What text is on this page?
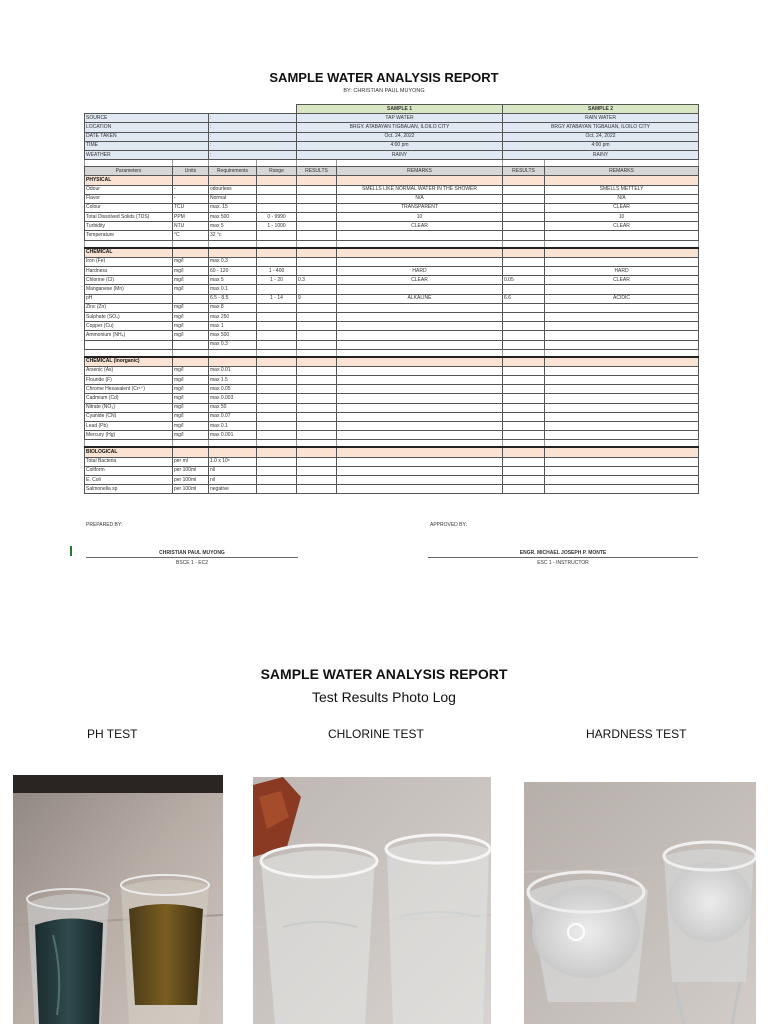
SAMPLE WATER ANALYSIS REPORT
BY: CHRISTIAN PAUL MUYONG
				SAMPLE 1		SAMPLE 2	
SOURCE		:		TAP WATER		RAIN WATER	
LOCATION		:		BRGY. ATABAYAN TIGBAUAN, ILOILO CITY		BRGY ATABAYAN TIGBAUAN, ILOILO CITY	
DATE TAKEN		:		Oct. 24, 2022		Oct. 24, 2022	
TIME		:		4:00 pm		4:00 pm	
WEATHER		:		RAINY		RAINY	

Parameters	Units	Requirements	Range	RESULTS	REMARKS	RESULTS	REMARKS
PHYSICAL							
Odour	-	odourless			SMELLS LIKE NORMAL WATER IN THE SHOWER		SMELLS METTELY
Flavor	-	Normal			N/A		N/A
Colour	TCU	max. 15			TRANSPARENT		CLEAR
Total Dissolved Solids (TDS)	PPM	max 500	0 - 9990		10		10
Turbidity	NTU	max 5	1 - 1000		CLEAR		CLEAR
Temperature	°C	32 °c					

CHEMICAL							
Iron (Fe)	mg/l	max 0.3					
Hardness	mg/l	60 - 120	1 - 400		HARD		HARD
Chlorine (Cl)	mg/l	max 5	1 - 20	0.3	CLEAR	0.05	CLEAR
Manganese (Mn)	mg/l	max 0.1					
pH		6.5 - 8.5	1 - 14	9	ALKALINE	6.6	ACIDIC
Zinc (Zn)	mg/l	max 8					
Sulphate (SO₄)	mg/l	max 250					
Copper (Cu)	mg/l	max 1					
Ammonium (NH₄)	mg/l	max 500					
		max 0.3					

CHEMICAL (Inorganic)							
Arsenic (As)	mg/l	max 0.01					
Flouride (F)	mg/l	max 1.5					
Chrome Hexavalent (Cr⁶⁺)	mg/l	max 0.05					
Cadmium (Cd)	mg/l	max 0.003					
Nitrate (NO₃)	mg/l	max 50					
Cyanide (CN)	mg/l	max 0.07					
Lead (Pb)	mg/l	max 0.1					
Mercury (Hg)	mg/l	max 0.001					

BIOLOGICAL							
Total Bacteria	per ml	1.0 x 10⁵					
Coliform	per 100ml	nil					
E. Coli	per 100ml	nil					
Salmonella sp	per 100ml	negative					
PREPARED BY:	APPROVED BY:
CHRISTIAN PAUL MUYONG
BSCE 1 - EC2
ENGR. MICHAEL JOSEPH P. MONTE
ESC 1 - INSTRUCTOR
SAMPLE WATER ANALYSIS REPORT
Test Results Photo Log
PH TEST	CHLORINE TEST	HARDNESS TEST
